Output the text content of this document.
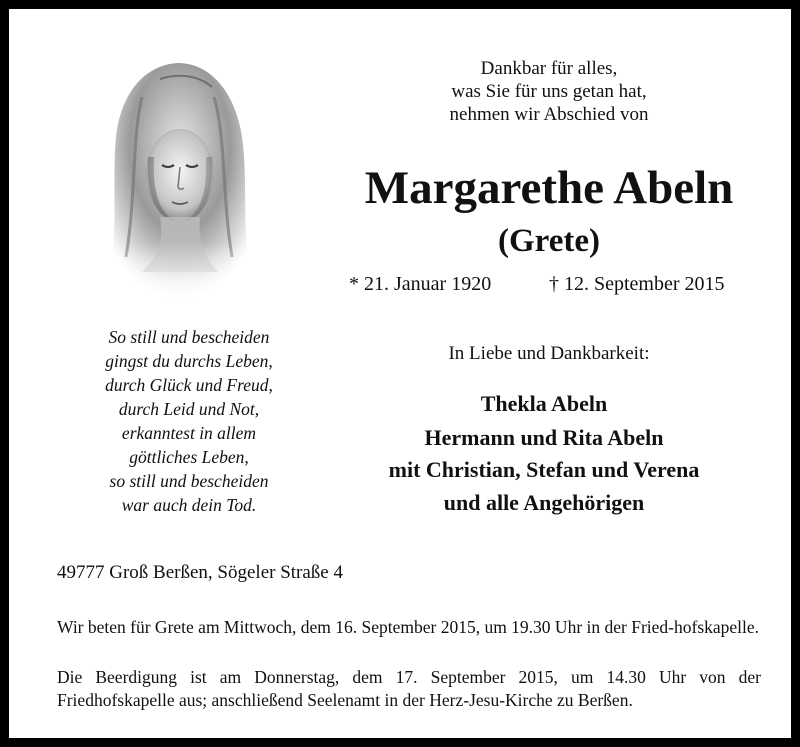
Dankbar für alles,
was Sie für uns getan hat,
nehmen wir Abschied von
Margarethe Abeln
(Grete)
* 21. Januar 1920	† 12. September 2015
So still und bescheiden
gingst du durchs Leben,
durch Glück und Freud,
durch Leid und Not,
erkanntest in allem
göttliches Leben,
so still und bescheiden
war auch dein Tod.
In Liebe und Dankbarkeit:
Thekla Abeln
Hermann und Rita Abeln
mit Christian, Stefan und Verena
und alle Angehörigen
49777 Groß Berßen, Sögeler Straße 4
Wir beten für Grete am Mittwoch, dem 16. September 2015, um 19.30 Uhr in der Fried-hofskapelle.
Die Beerdigung ist am Donnerstag, dem 17. September 2015, um 14.30 Uhr von der Friedhofskapelle aus; anschließend Seelenamt in der Herz-Jesu-Kirche zu Berßen.
